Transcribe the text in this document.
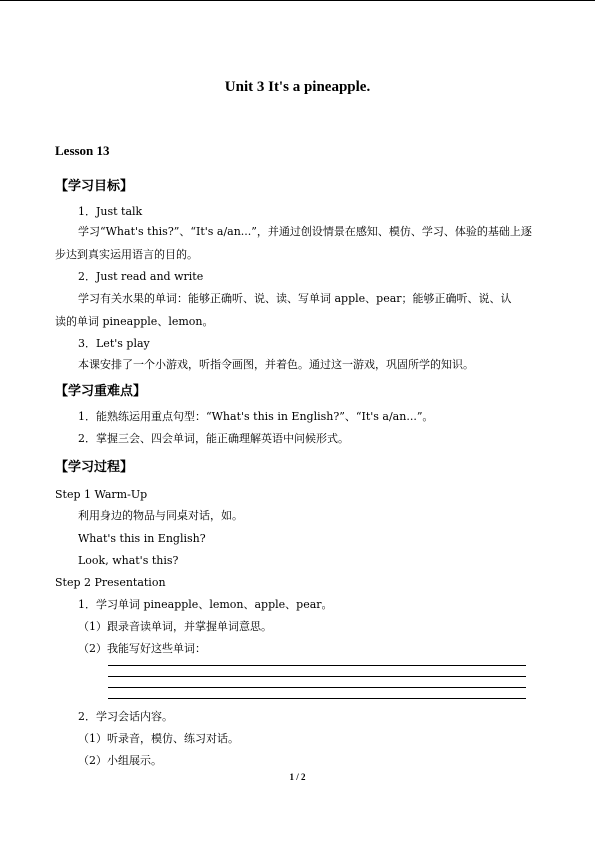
Unit 3 It's a pineapple.
Lesson 13
【学习目标】
1．Just talk
学习“What's this?”、“It's a/an...”，并通过创设情景在感知、模仿、学习、体验的基础上逐
步达到真实运用语言的目的。
2．Just read and write
学习有关水果的单词：能够正确听、说、读、写单词 apple、pear；能够正确听、说、认
读的单词 pineapple、lemon。
3．Let's play
本课安排了一个小游戏，听指令画图，并着色。通过这一游戏，巩固所学的知识。
【学习重难点】
1．能熟练运用重点句型：“What's this in English?”、“It's a/an...”。
2．掌握三会、四会单词，能正确理解英语中问候形式。
【学习过程】
Step 1 Warm-Up
利用身边的物品与同桌对话，如。
What's this in English?
Look, what's this?
Step 2 Presentation
1．学习单词 pineapple、lemon、apple、pear。
（1）跟录音读单词，并掌握单词意思。
（2）我能写好这些单词：
2．学习会话内容。
（1）听录音，模仿、练习对话。
（2）小组展示。
1 / 2
